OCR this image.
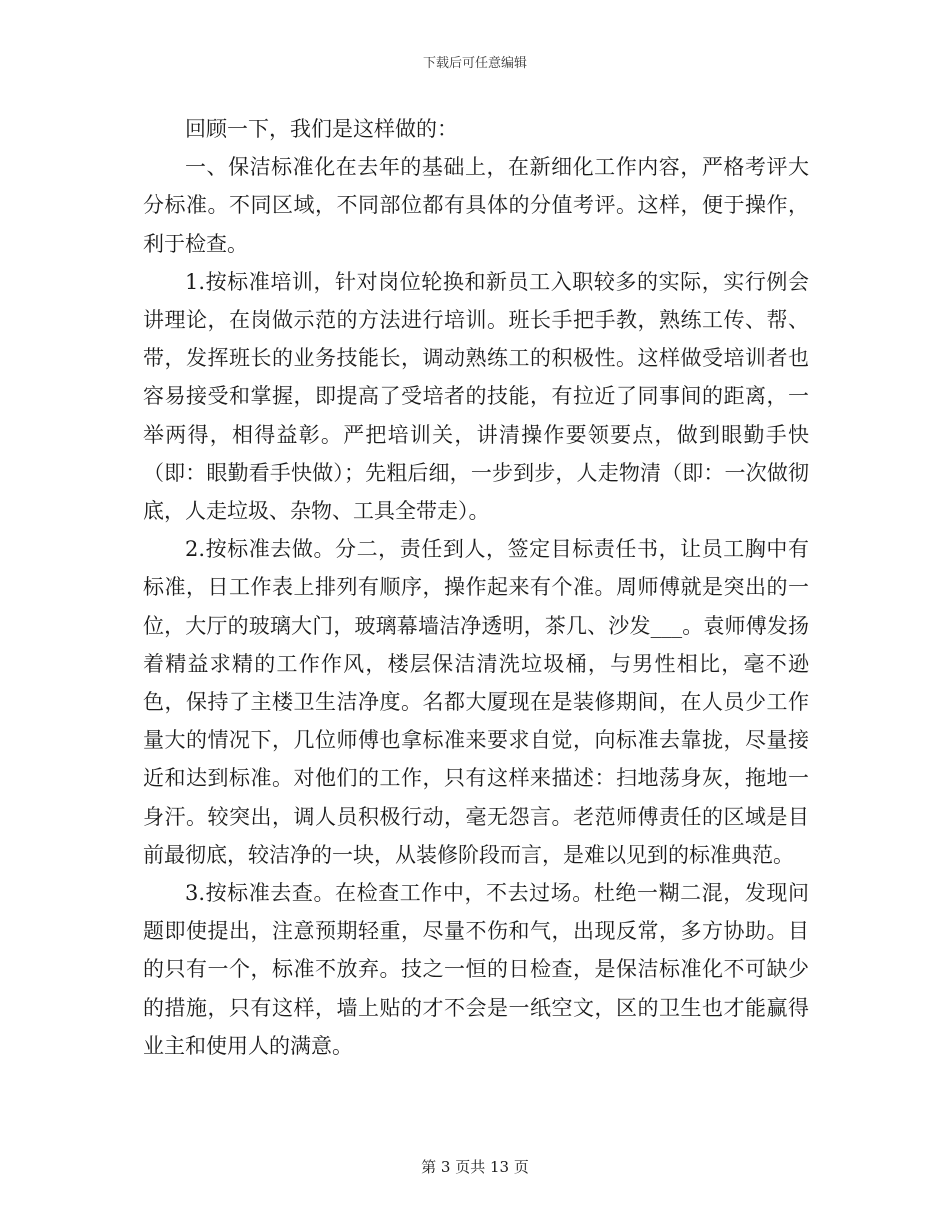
下载后可任意编辑

回顾一下，我们是这样做的：

一、保洁标准化在去年的基础上，在新细化工作内容，严格考评大分标准。不同区域，不同部位都有具体的分值考评。这样，便于操作，利于检查。

1.按标准培训，针对岗位轮换和新员工入职较多的实际，实行例会讲理论，在岗做示范的方法进行培训。班长手把手教，熟练工传、帮、带，发挥班长的业务技能长，调动熟练工的积极性。这样做受培训者也容易接受和掌握，即提高了受培者的技能，有拉近了同事间的距离，一举两得，相得益彰。严把培训关，讲清操作要领要点，做到眼勤手快（即：眼勤看手快做）；先粗后细，一步到步，人走物清（即：一次做彻底，人走垃圾、杂物、工具全带走）。

2.按标准去做。分二，责任到人，签定目标责任书，让员工胸中有标准，日工作表上排列有顺序，操作起来有个准。周师傅就是突出的一位，大厅的玻璃大门，玻璃幕墙洁净透明，茶几、沙发___。袁师傅发扬着精益求精的工作作风，楼层保洁清洗垃圾桶，与男性相比，毫不逊色，保持了主楼卫生洁净度。名都大厦现在是装修期间，在人员少工作量大的情况下，几位师傅也拿标准来要求自觉，向标准去靠拢，尽量接近和达到标准。对他们的工作，只有这样来描述：扫地荡身灰，拖地一身汗。较突出，调人员积极行动，毫无怨言。老范师傅责任的区域是目前最彻底，较洁净的一块，从装修阶段而言，是难以见到的标准典范。

3.按标准去查。在检查工作中，不去过场。杜绝一糊二混，发现问题即使提出，注意预期轻重，尽量不伤和气，出现反常，多方协助。目的只有一个，标准不放弃。技之一恒的日检查，是保洁标准化不可缺少的措施，只有这样，墙上贴的才不会是一纸空文，区的卫生也才能赢得业主和使用人的满意。

第 3 页共 13 页
